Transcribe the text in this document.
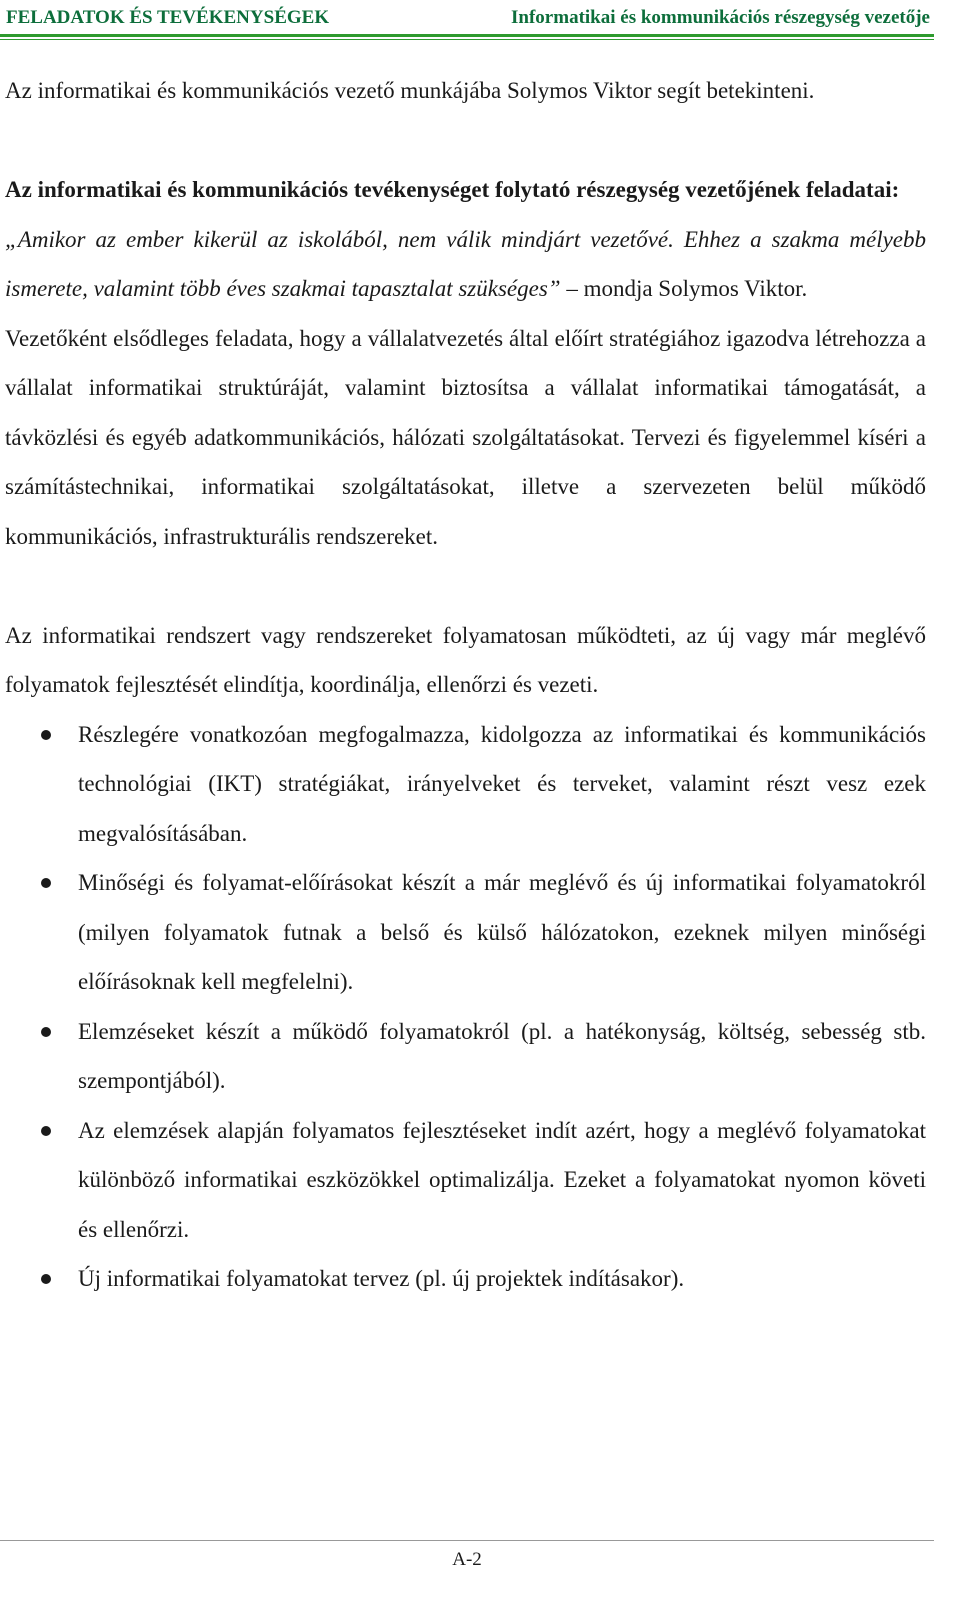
FELADATOK ÉS TEVÉKENYSÉGEK	Informatikai és kommunikációs részegység vezetője

Az informatikai és kommunikációs vezető munkájába Solymos Viktor segít betekinteni.

Az informatikai és kommunikációs tevékenységet folytató részegység vezetőjének feladatai:

„Amikor az ember kikerül az iskolából, nem válik mindjárt vezetővé. Ehhez a szakma mélyebb ismerete, valamint több éves szakmai tapasztalat szükséges” – mondja Solymos Viktor.

Vezetőként elsődleges feladata, hogy a vállalatvezetés által előírt stratégiához igazodva létrehozza a vállalat informatikai struktúráját, valamint biztosítsa a vállalat informatikai támogatását, a távközlési és egyéb adatkommunikációs, hálózati szolgáltatásokat. Tervezi és figyelemmel kíséri a számítástechnikai, informatikai szolgáltatásokat, illetve a szervezeten belül működő kommunikációs, infrastrukturális rendszereket.

Az informatikai rendszert vagy rendszereket folyamatosan működteti, az új vagy már meglévő folyamatok fejlesztését elindítja, koordinálja, ellenőrzi és vezeti.

Részlegére vonatkozóan megfogalmazza, kidolgozza az informatikai és kommunikációs technológiai (IKT) stratégiákat, irányelveket és terveket, valamint részt vesz ezek megvalósításában.
Minőségi és folyamat-előírásokat készít a már meglévő és új informatikai folyamatokról (milyen folyamatok futnak a belső és külső hálózatokon, ezeknek milyen minőségi előírásoknak kell megfelelni).
Elemzéseket készít a működő folyamatokról (pl. a hatékonyság, költség, sebesség stb. szempontjából).
Az elemzések alapján folyamatos fejlesztéseket indít azért, hogy a meglévő folyamatokat különböző informatikai eszközökkel optimalizálja. Ezeket a folyamatokat nyomon követi és ellenőrzi.
Új informatikai folyamatokat tervez (pl. új projektek indításakor).
A-2
